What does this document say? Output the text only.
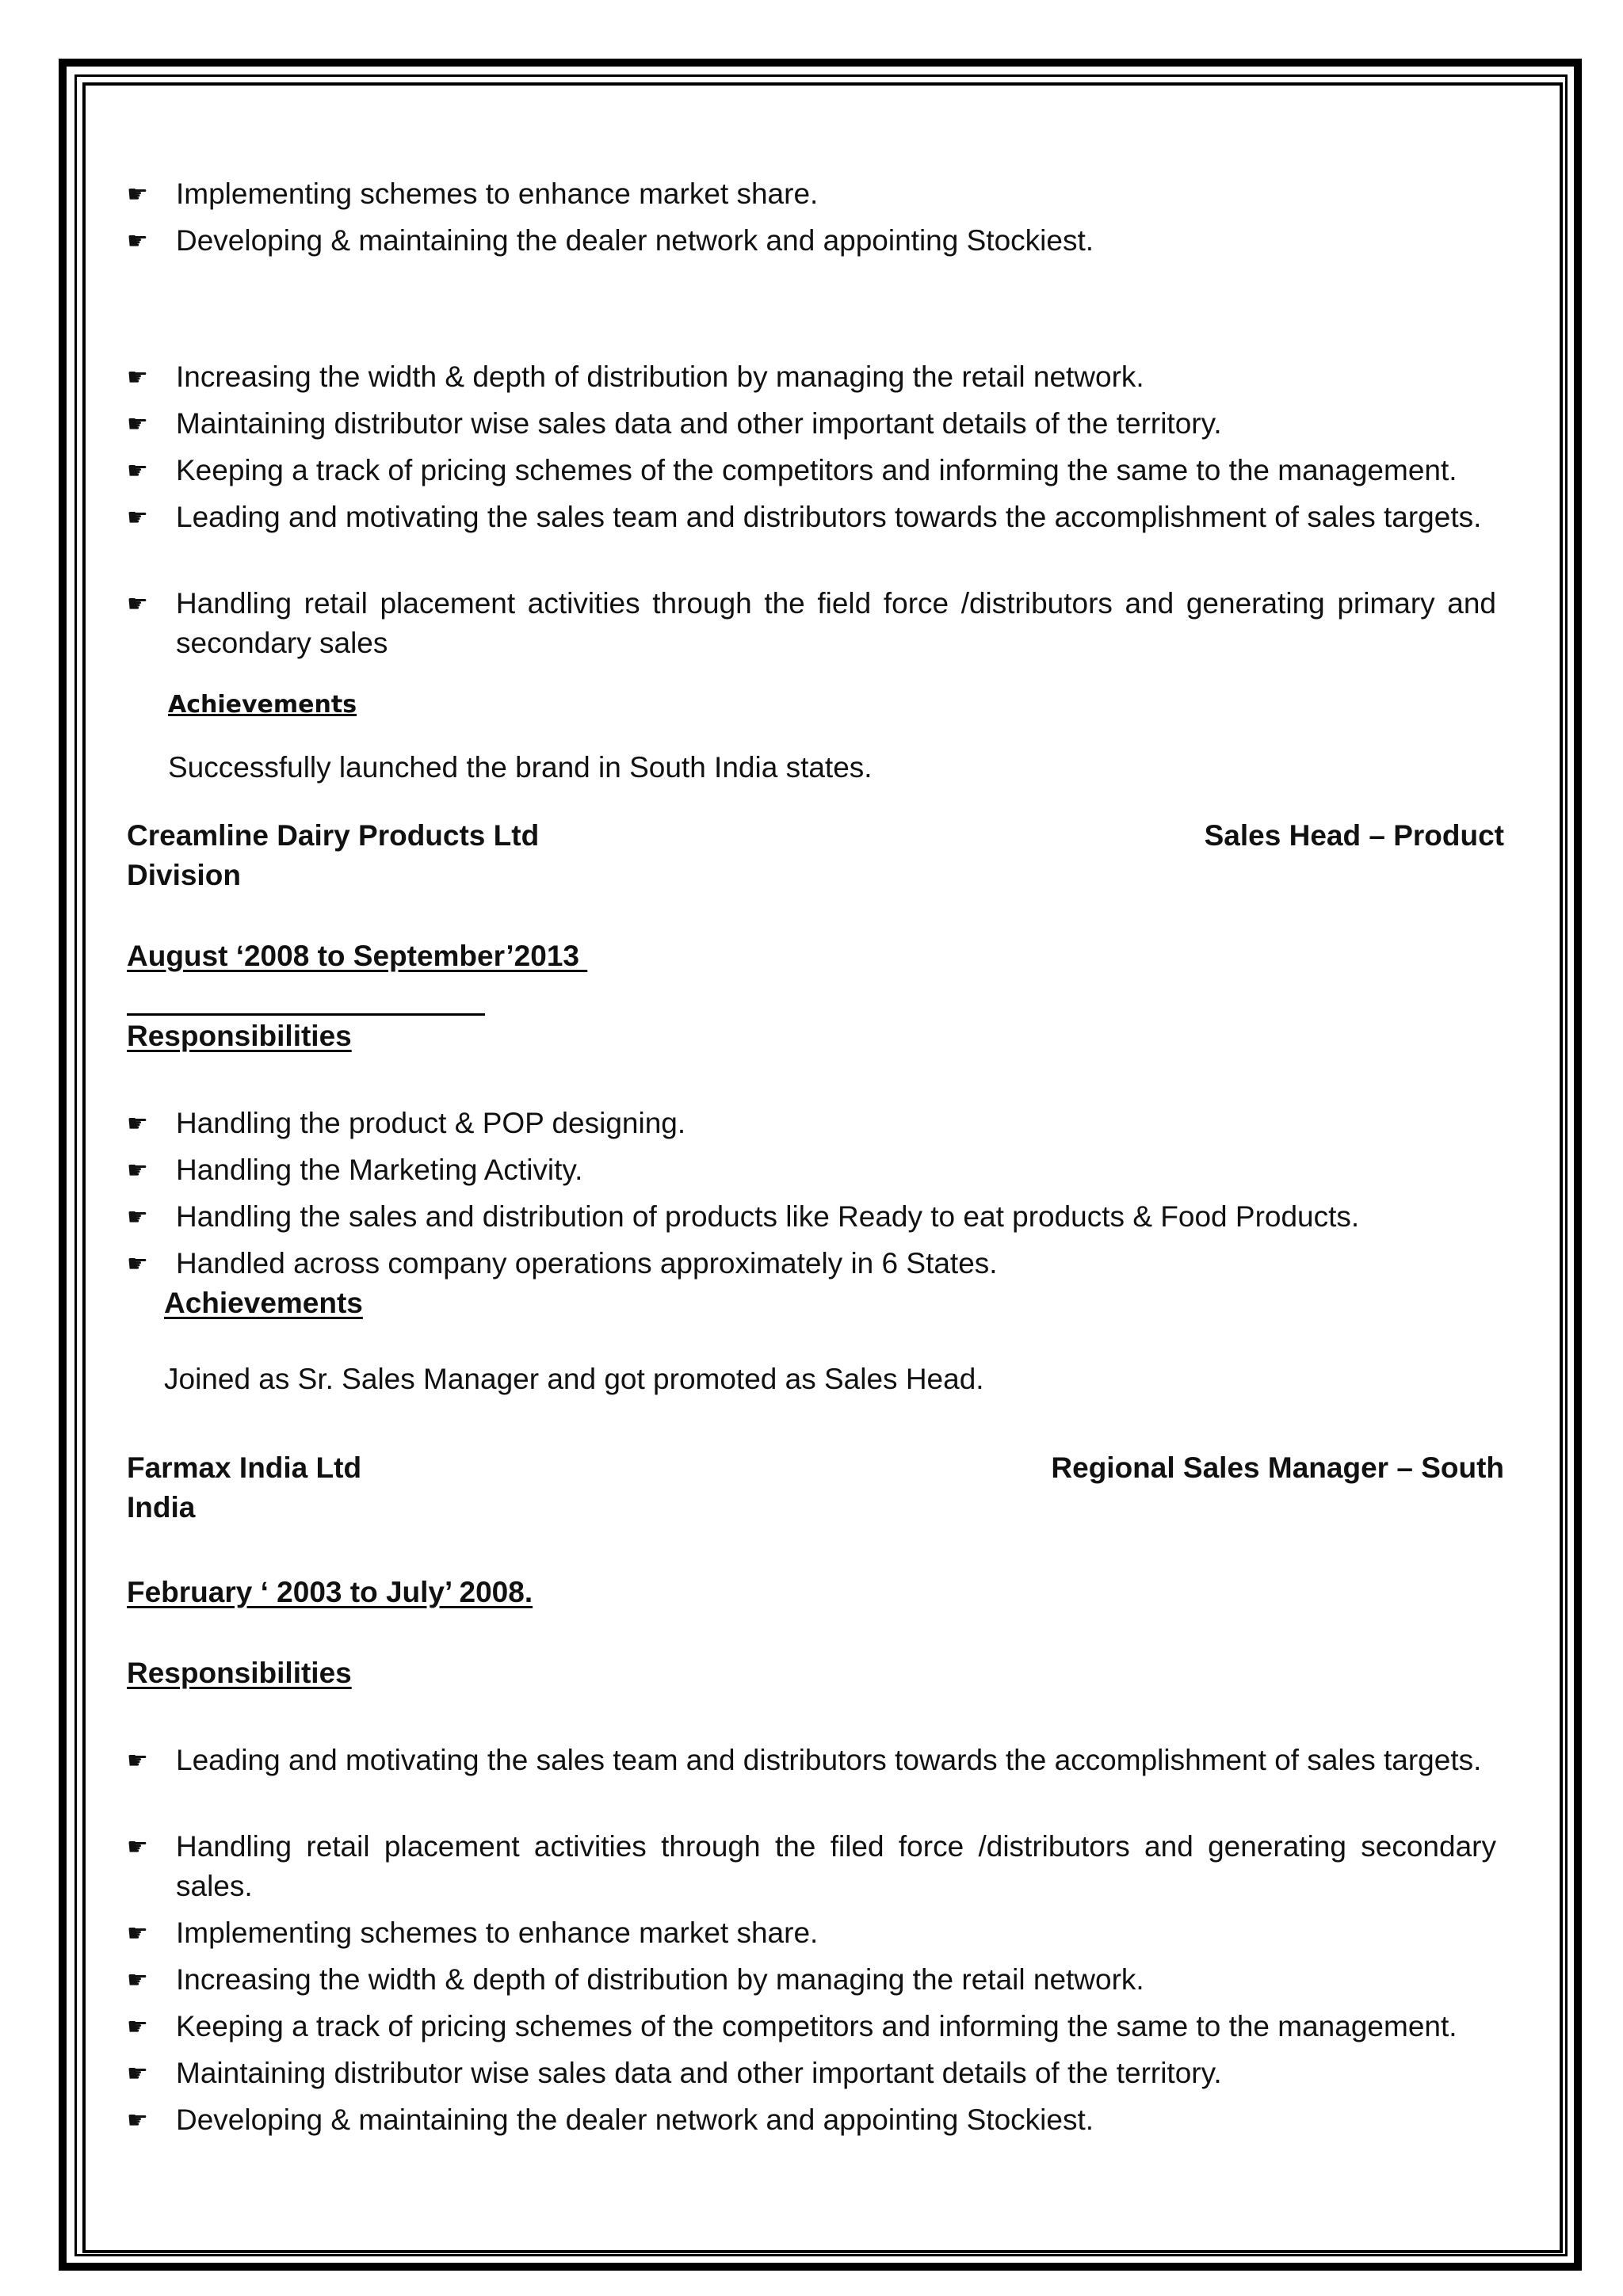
☛ Implementing schemes to enhance market share.
☛ Developing & maintaining the dealer network and appointing Stockiest.
☛ Increasing the width & depth of distribution by managing the retail network.
☛ Maintaining distributor wise sales data and other important details of the territory.
☛ Keeping a track of pricing schemes of the competitors and informing the same to the management.
☛ Leading and motivating the sales team and distributors towards the accomplishment of sales targets.
☛ Handling retail placement activities through the field force /distributors and generating primary and secondary sales
Achievements
Successfully launched the brand in South India states.
Creamline Dairy Products Ltd	Sales Head – Product
Division
August ‘2008 to September’2013
Responsibilities
☛ Handling the product & POP designing.
☛ Handling the Marketing Activity.
☛ Handling the sales and distribution of products like Ready to eat products & Food Products.
☛ Handled across company operations approximately in 6 States.
Achievements
Joined as Sr. Sales Manager and got promoted as Sales Head.
Farmax India Ltd	Regional Sales Manager – South
India
February ‘ 2003 to July’ 2008.
Responsibilities
☛ Leading and motivating the sales team and distributors towards the accomplishment of sales targets.
☛ Handling retail placement activities through the filed force /distributors and generating secondary sales.
☛ Implementing schemes to enhance market share.
☛ Increasing the width & depth of distribution by managing the retail network.
☛ Keeping a track of pricing schemes of the competitors and informing the same to the management.
☛ Maintaining distributor wise sales data and other important details of the territory.
☛ Developing & maintaining the dealer network and appointing Stockiest.
